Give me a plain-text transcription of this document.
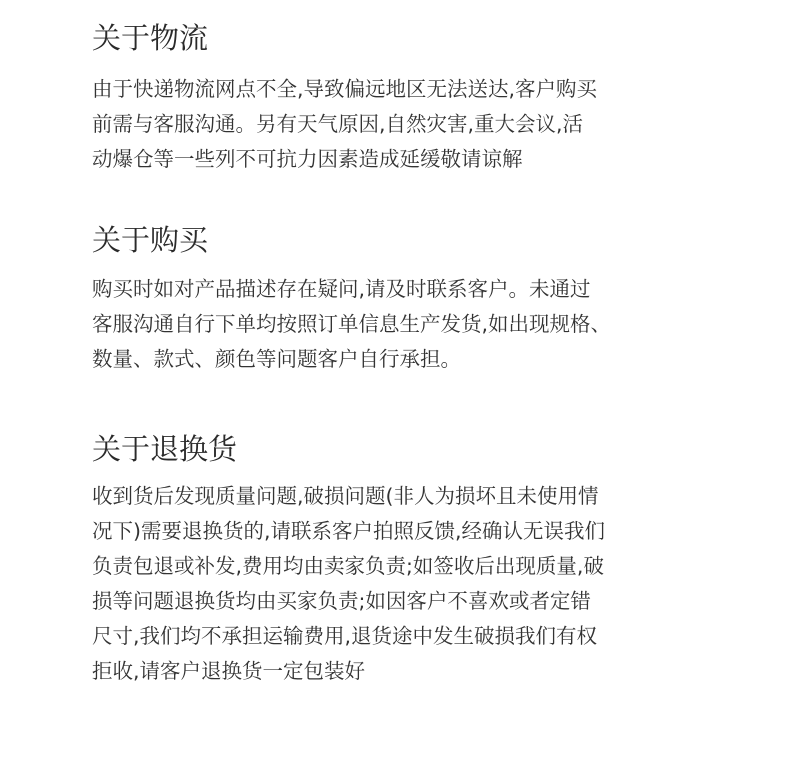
关于物流

由于快递物流网点不全,导致偏远地区无法送达,客户购买
前需与客服沟通。另有天气原因,自然灾害,重大会议,活
动爆仓等一些列不可抗力因素造成延缓敬请谅解

关于购买

购买时如对产品描述存在疑问,请及时联系客户。未通过
客服沟通自行下单均按照订单信息生产发货,如出现规格、
数量、款式、颜色等问题客户自行承担。

关于退换货

收到货后发现质量问题,破损问题(非人为损坏且未使用情
况下)需要退换货的,请联系客户拍照反馈,经确认无误我们
负责包退或补发,费用均由卖家负责;如签收后出现质量,破
损等问题退换货均由买家负责;如因客户不喜欢或者定错
尺寸,我们均不承担运输费用,退货途中发生破损我们有权
拒收,请客户退换货一定包装好
